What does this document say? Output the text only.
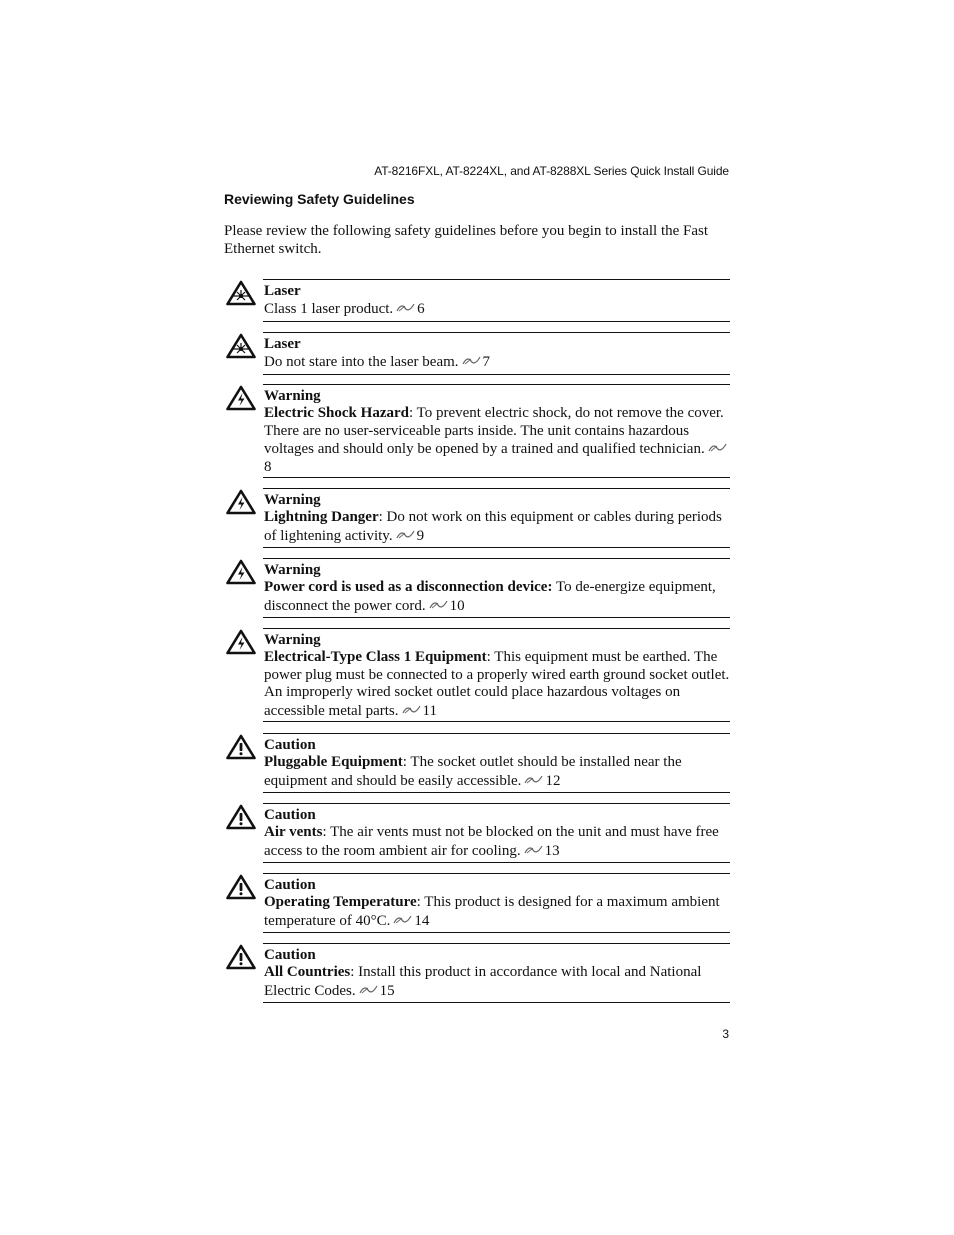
AT-8216FXL, AT-8224XL, and AT-8288XL Series Quick Install Guide
Reviewing Safety Guidelines
Please review the following safety guidelines before you begin to install the Fast Ethernet switch.
Laser
Class 1 laser product. 6
Laser
Do not stare into the laser beam. 7
Warning
Electric Shock Hazard: To prevent electric shock, do not remove the cover. There are no user-serviceable parts inside. The unit contains hazardous voltages and should only be opened by a trained and qualified technician.8
Warning
Lightning Danger: Do not work on this equipment or cables during periods of lightening activity. 9
Warning
Power cord is used as a disconnection device: To de-energize equipment, disconnect the power cord. 10
Warning
Electrical-Type Class 1 Equipment: This equipment must be earthed. The power plug must be connected to a properly wired earth ground socket outlet. An improperly wired socket outlet could place hazardous voltages on accessible metal parts. 11
Caution
Pluggable Equipment: The socket outlet should be installed near the equipment and should be easily accessible. 12
Caution
Air vents: The air vents must not be blocked on the unit and must have free access to the room ambient air for cooling. 13
Caution
Operating Temperature: This product is designed for a maximum ambient temperature of 40°C. 14
Caution
All Countries: Install this product in accordance with local and National Electric Codes. 15
3
